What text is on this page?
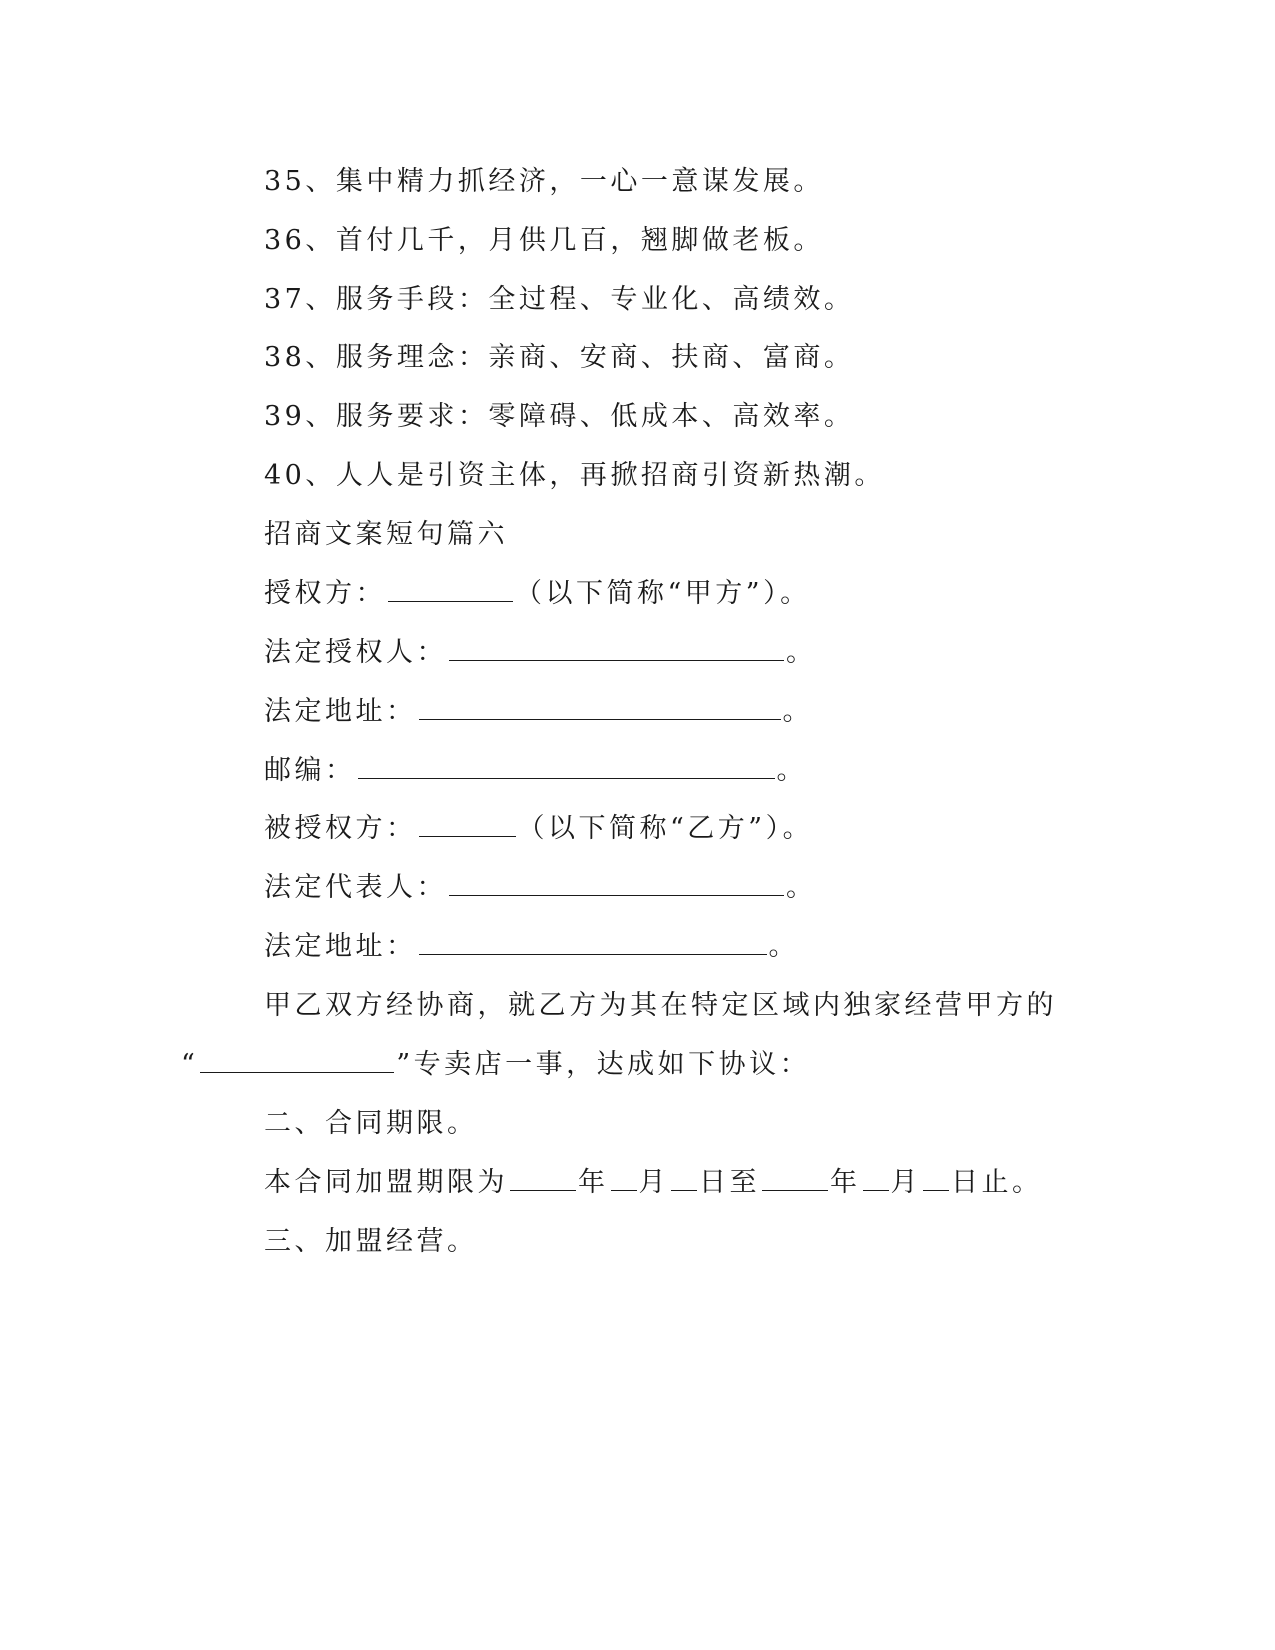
35、集中精力抓经济，一心一意谋发展。
36、首付几千，月供几百，翘脚做老板。
37、服务手段：全过程、专业化、高绩效。
38、服务理念：亲商、安商、扶商、富商。
39、服务要求：零障碍、低成本、高效率。
40、人人是引资主体，再掀招商引资新热潮。
招商文案短句篇六
授权方：	（以下简称“甲方”）。
法定授权人：	。
法定地址：	。
邮编：	。
被授权方：	（以下简称“乙方”）。
法定代表人：	。
法定地址：	。
甲乙双方经协商，就乙方为其在特定区域内独家经营甲方的
“	”专卖店一事，达成如下协议：
二、合同期限。
本合同加盟期限为	年 月 日至	年 月 日止。
三、加盟经营。
